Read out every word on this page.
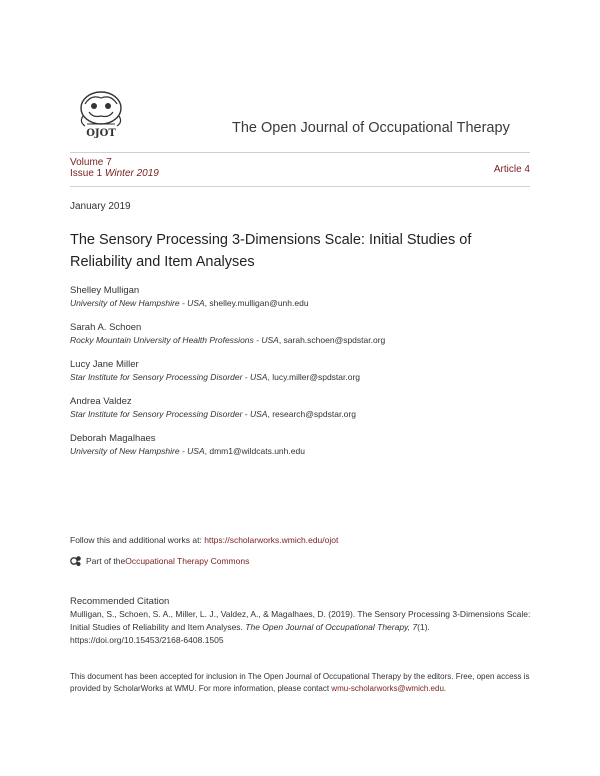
OJOT	The Open Journal of Occupational Therapy
Volume 7
Issue 1 Winter 2019	Article 4
January 2019
The Sensory Processing 3-Dimensions Scale: Initial Studies of Reliability and Item Analyses
Shelley Mulligan
University of New Hampshire - USA, shelley.mulligan@unh.edu
Sarah A. Schoen
Rocky Mountain University of Health Professions - USA, sarah.schoen@spdstar.org
Lucy Jane Miller
Star Institute for Sensory Processing Disorder - USA, lucy.miller@spdstar.org
Andrea Valdez
Star Institute for Sensory Processing Disorder - USA, research@spdstar.org
Deborah Magalhaes
University of New Hampshire - USA, dmm1@wildcats.unh.edu
Follow this and additional works at: https://scholarworks.wmich.edu/ojot
Part of the Occupational Therapy Commons
Recommended Citation
Mulligan, S., Schoen, S. A., Miller, L. J., Valdez, A., & Magalhaes, D. (2019). The Sensory Processing 3-Dimensions Scale: Initial Studies of Reliability and Item Analyses. The Open Journal of Occupational Therapy, 7(1). https://doi.org/10.15453/2168-6408.1505
This document has been accepted for inclusion in The Open Journal of Occupational Therapy by the editors. Free, open access is provided by ScholarWorks at WMU. For more information, please contact wmu-scholarworks@wmich.edu.
